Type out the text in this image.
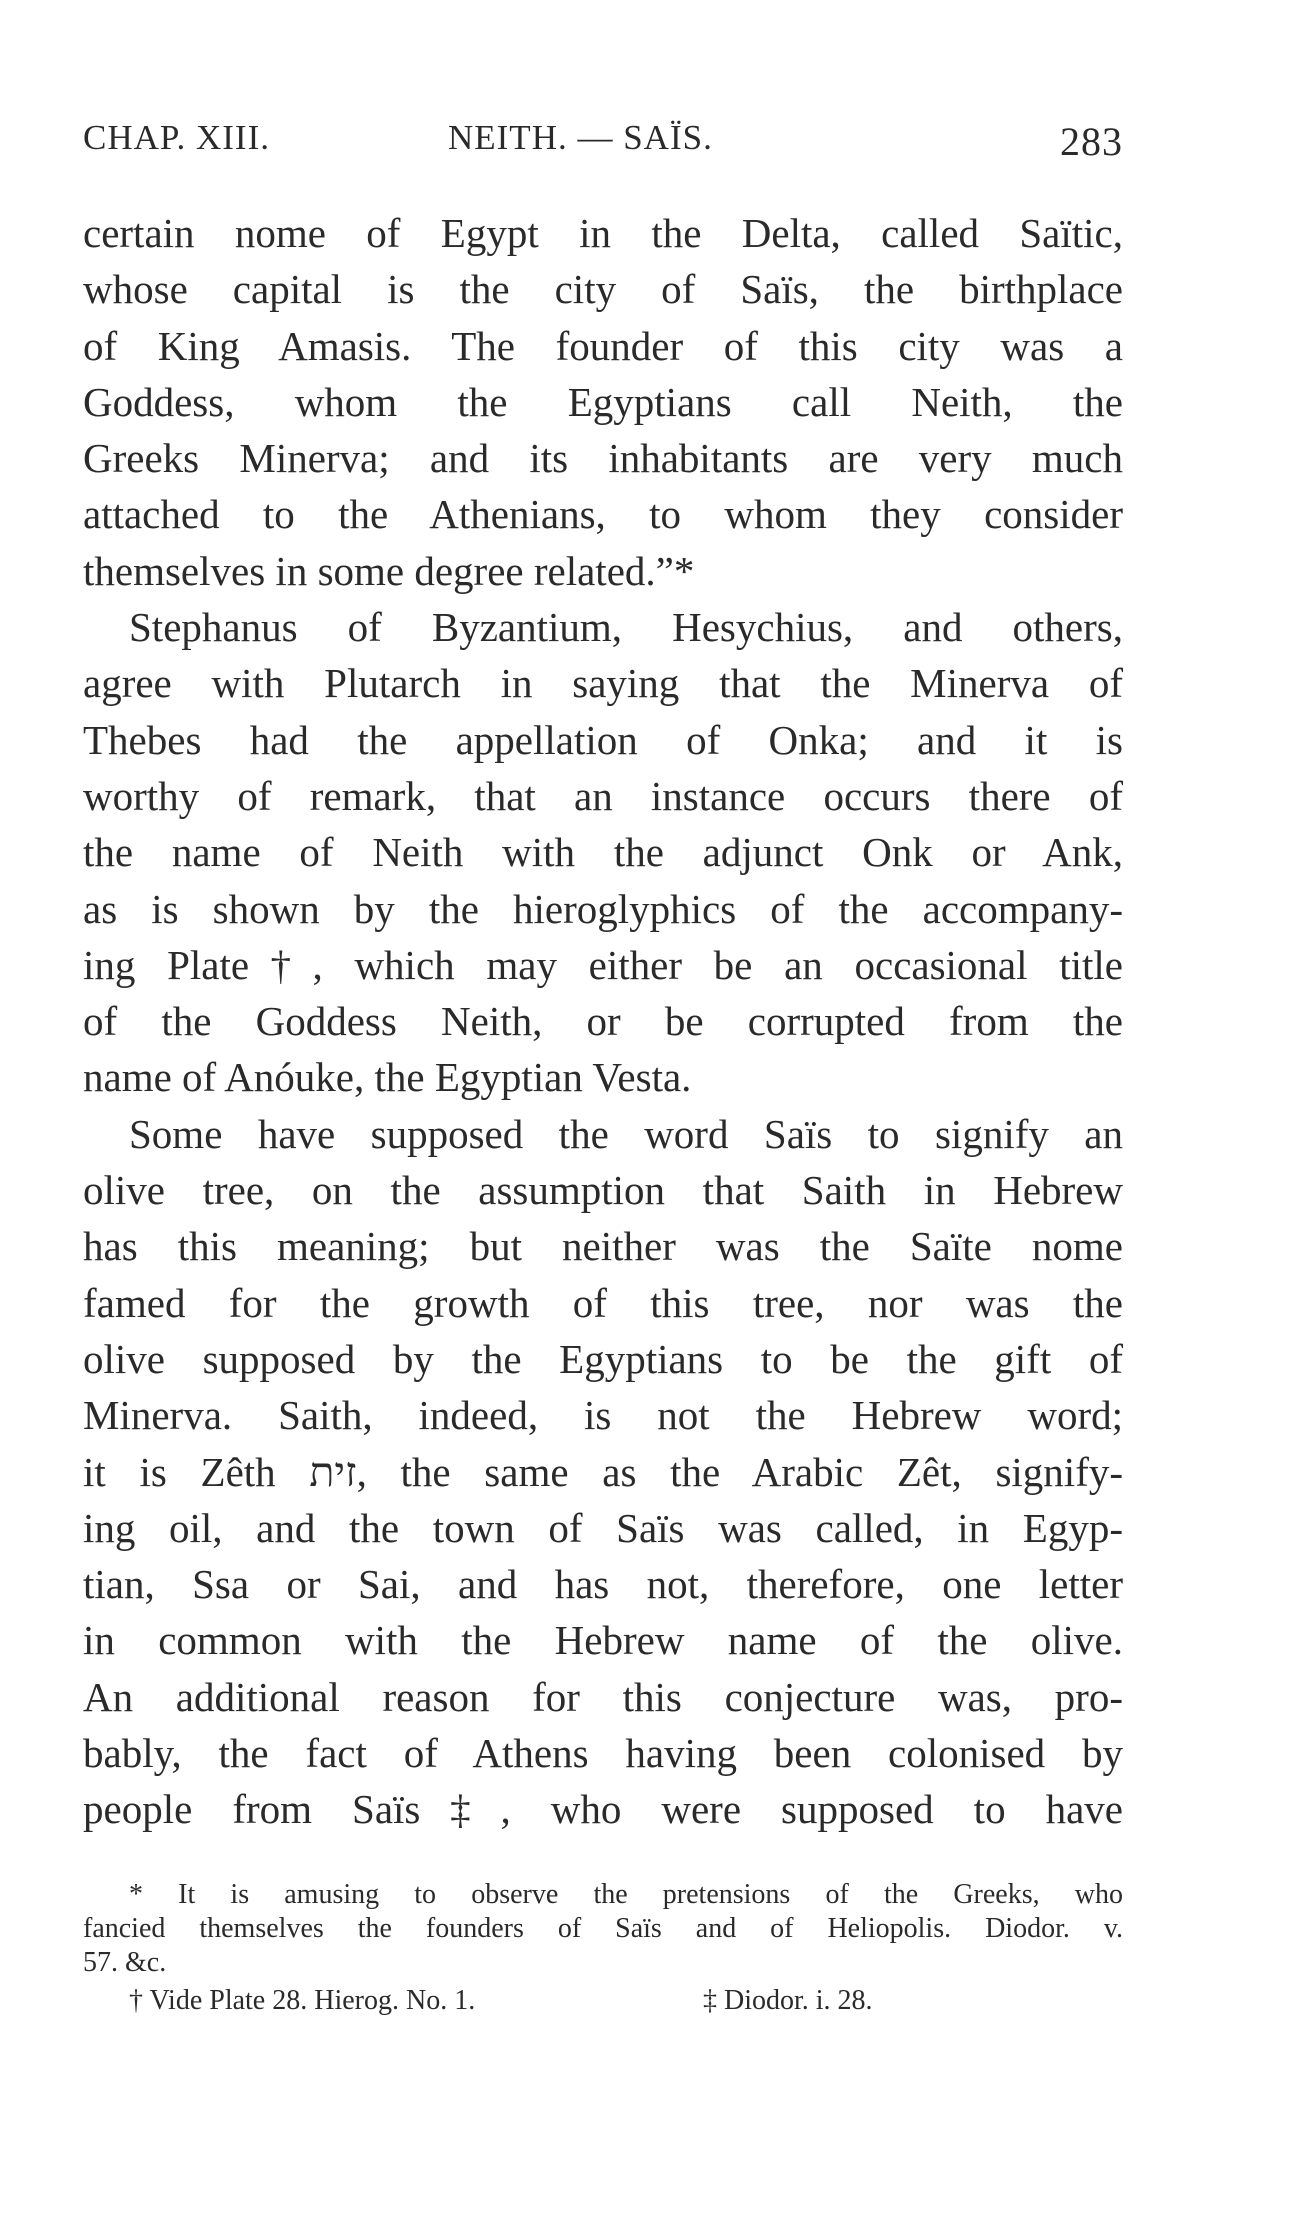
CHAP. XIII.	NEITH. — SAÏS.	283
certain nome of Egypt in the Delta, called Saïtic,
whose capital is the city of Saïs, the birthplace
of King Amasis. The founder of this city was a
Goddess, whom the Egyptians call Neith, the
Greeks Minerva; and its inhabitants are very much
attached to the Athenians, to whom they consider
themselves in some degree related.”*
Stephanus of Byzantium, Hesychius, and others,
agree with Plutarch in saying that the Minerva of
Thebes had the appellation of Onka; and it is
worthy of remark, that an instance occurs there of
the name of Neith with the adjunct Onk or Ank,
as is shown by the hieroglyphics of the accompany-
ing Plate†, which may either be an occasional title
of the Goddess Neith, or be corrupted from the
name of Anóuke, the Egyptian Vesta.
Some have supposed the word Saïs to signify an
olive tree, on the assumption that Saith in Hebrew
has this meaning; but neither was the Saïte nome
famed for the growth of this tree, nor was the
olive supposed by the Egyptians to be the gift of
Minerva. Saith, indeed, is not the Hebrew word;
it is Zêth זית, the same as the Arabic Zêt, signify-
ing oil, and the town of Saïs was called, in Egyp-
tian, Ssa or Sai, and has not, therefore, one letter
in common with the Hebrew name of the olive.
An additional reason for this conjecture was, pro-
bably, the fact of Athens having been colonised by
people from Saïs‡, who were supposed to have
* It is amusing to observe the pretensions of the Greeks, who
fancied themselves the founders of Saïs and of Heliopolis. Diodor. v.
57. &c.
† Vide Plate 28. Hierog. No. 1.	‡ Diodor. i. 28.
